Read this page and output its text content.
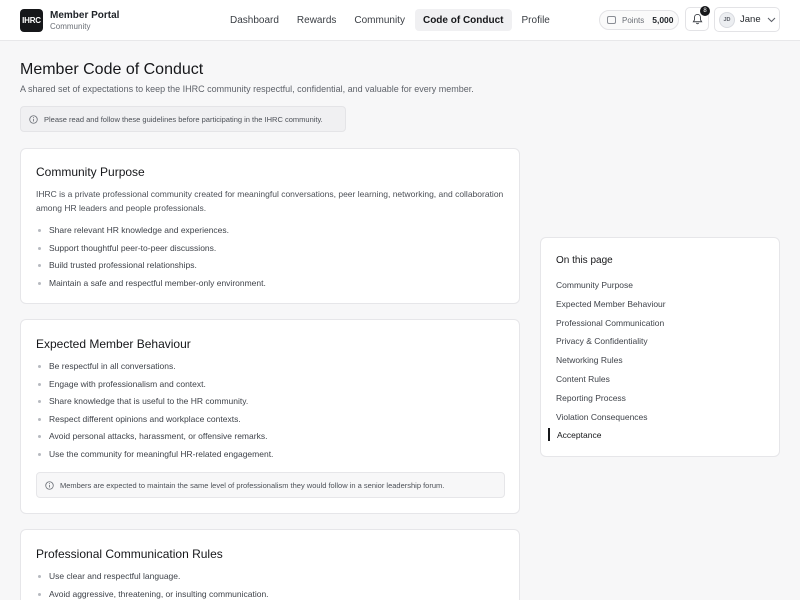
IHRC Member Portal
Community
Dashboard	Rewards	Community	Code of Conduct	Profile	Points 5,000
8
JD Jane
Member Code of Conduct
A shared set of expectations to keep the IHRC community respectful, confidential, and valuable for every member.
Please read and follow these guidelines before participating in the IHRC community.
Community Purpose
IHRC is a private professional community created for meaningful conversations, peer learning, networking, and collaboration among HR leaders and people professionals.
Share relevant HR knowledge and experiences.
Support thoughtful peer-to-peer discussions.
Build trusted professional relationships.
Maintain a safe and respectful member-only environment.
Expected Member Behaviour
Be respectful in all conversations.
Engage with professionalism and context.
Share knowledge that is useful to the HR community.
Respect different opinions and workplace contexts.
Avoid personal attacks, harassment, or offensive remarks.
Use the community for meaningful HR-related engagement.
Members are expected to maintain the same level of professionalism they would follow in a senior leadership forum.
Professional Communication Rules
Use clear and respectful language.
Avoid aggressive, threatening, or insulting communication.
On this page
Community Purpose
Expected Member Behaviour
Professional Communication
Privacy & Confidentiality
Networking Rules
Content Rules
Reporting Process
Violation Consequences
Acceptance
